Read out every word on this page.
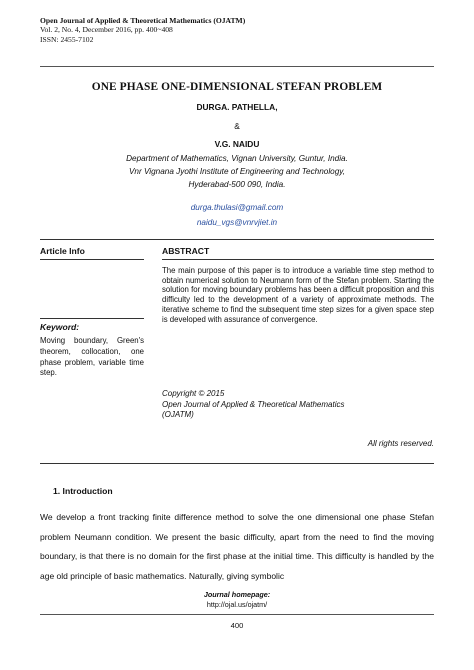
Open Journal of Applied & Theoretical Mathematics (OJATM)
Vol. 2, No. 4, December 2016, pp. 400~408
ISSN: 2455-7102
ONE PHASE ONE-DIMENSIONAL STEFAN PROBLEM
DURGA. PATHELLA,
&
V.G. NAIDU
Department of Mathematics, Vignan University, Guntur, India.
Vnr Vignana Jyothi Institute of Engineering and Technology,
Hyderabad-500 090, India.
durga.thulasi@gmail.com
naidu_vgs@vnrvjiet.in
Article Info	ABSTRACT
The main purpose of this paper is to introduce a variable time step method to obtain numerical solution to Neumann form of the Stefan problem. Starting the solution for moving boundary problems has been a difficult proposition and this difficulty led to the development of a variety of approximate methods. The iterative scheme to find the subsequent time step sizes for a given space step is developed with assurance of convergence.
Keyword:
Moving boundary, Green's theorem, collocation, one phase problem, variable time step.
Copyright © 2015
Open Journal of Applied & Theoretical Mathematics
(OJATM)
All rights reserved.
1. Introduction

We develop a front tracking finite difference method to solve the one dimensional one phase Stefan problem Neumann condition. We present the basic difficulty, apart from the need to find the moving boundary, is that there is no domain for the first phase at the initial time. This difficulty is handled by the age old principle of basic mathematics. Naturally, giving symbolic

Journal homepage:
http://ojal.us/ojatm/
400
